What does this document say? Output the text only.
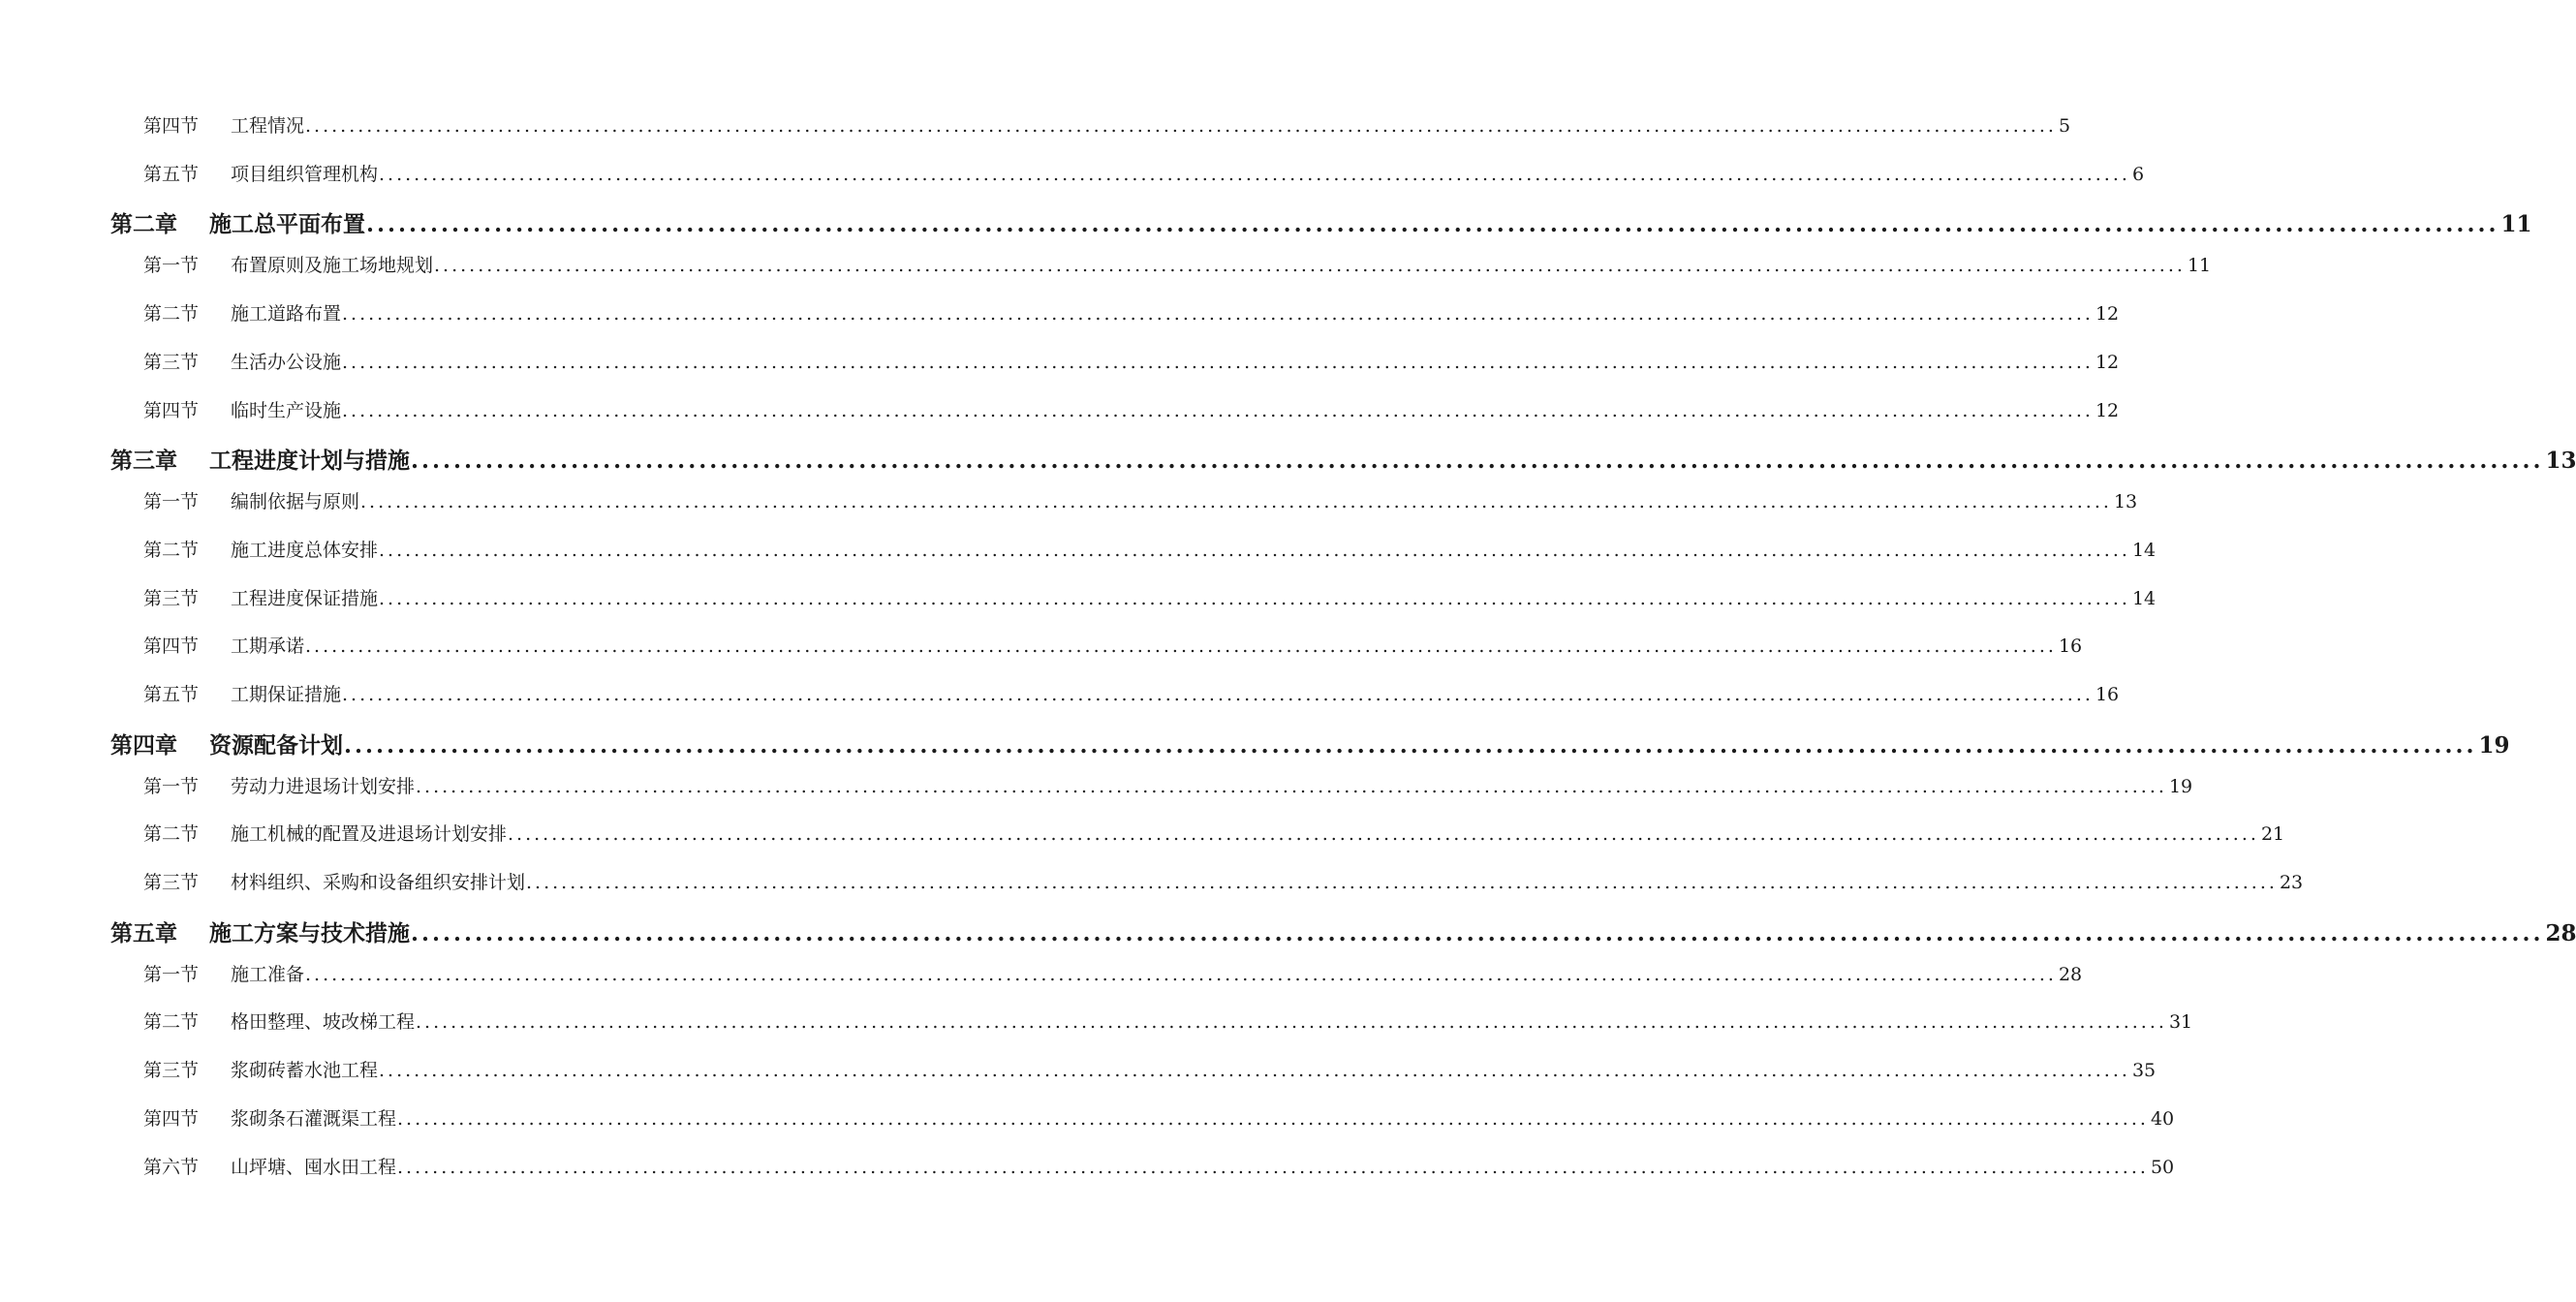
第四节	工程情况 ........................................................................................................................................................................................................ 5
第五节	项目组织管理机构 ........................................................................................................................................................................................................ 6
第二章	施工总平面布置 ........................................................................................................................................................................................................ 11
第一节	布置原则及施工场地规划 ........................................................................................................................................................................................................ 11
第二节	施工道路布置 ........................................................................................................................................................................................................ 12
第三节	生活办公设施 ........................................................................................................................................................................................................ 12
第四节	临时生产设施 ........................................................................................................................................................................................................ 12
第三章	工程进度计划与措施 ........................................................................................................................................................................................................ 13
第一节	编制依据与原则 ........................................................................................................................................................................................................ 13
第二节	施工进度总体安排 ........................................................................................................................................................................................................ 14
第三节	工程进度保证措施 ........................................................................................................................................................................................................ 14
第四节	工期承诺 ........................................................................................................................................................................................................ 16
第五节	工期保证措施 ........................................................................................................................................................................................................ 16
第四章	资源配备计划 ........................................................................................................................................................................................................ 19
第一节	劳动力进退场计划安排 ........................................................................................................................................................................................................ 19
第二节	施工机械的配置及进退场计划安排 ........................................................................................................................................................................................................ 21
第三节	材料组织、采购和设备组织安排计划 ........................................................................................................................................................................................................ 23
第五章	施工方案与技术措施 ........................................................................................................................................................................................................ 28
第一节	施工准备 ........................................................................................................................................................................................................ 28
第二节	格田整理、坡改梯工程 ........................................................................................................................................................................................................ 31
第三节	浆砌砖蓄水池工程 ........................................................................................................................................................................................................ 35
第四节	浆砌条石灌溉渠工程 ........................................................................................................................................................................................................ 40
第六节	山坪塘、囤水田工程 ........................................................................................................................................................................................................ 50
